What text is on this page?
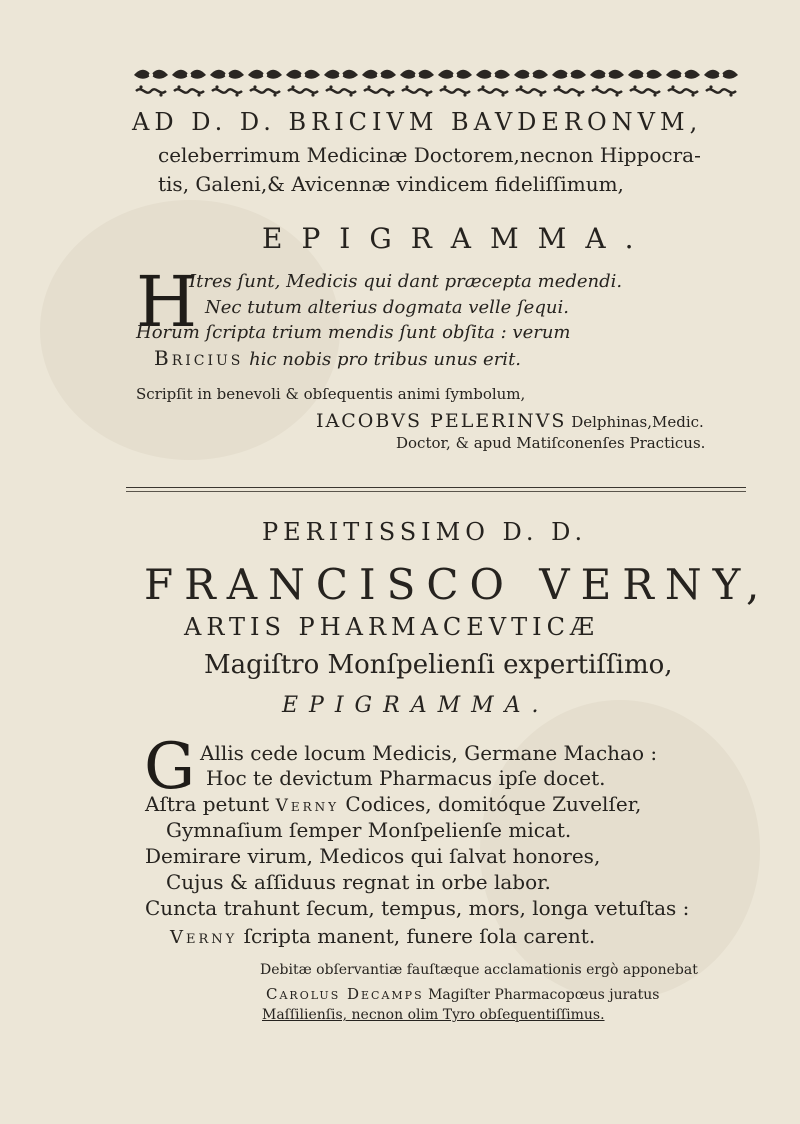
AD D. D. BRICIVM BAVDERONVM,
celeberrimum Medicinæ Doctorem,necnon Hippocra-
tis, Galeni,& Avicennæ vindicem fideliſſimum,
EPIGRAMMA.
H
Itres ſunt, Medicis qui dant præcepta medendi.
Nec tutum alterius dogmata velle ſequi.
Horum ſcripta trium mendis ſunt obſita : verum
Bricius hic nobis pro tribus unus erit.
Scripſit in benevoli & obſequentis animi ſymbolum,
IACOBVS PELERINVS Delphinas,Medic.
Doctor, & apud Matiſconenſes Practicus.
PERITISSIMO D. D.
FRANCISCO VERNY,
ARTIS PHARMACEVTICÆ
Magiſtro Monſpelienſi expertiſſimo,
EPIGRAMMA.
G Allis cede locum Medicis, Germane Machao :
Hoc te devictum Pharmacus ipſe docet.
Aſtra petunt Verny Codices, domitóque Zuvelſer,
Gymnaſium ſemper Monſpelienſe micat.
Demirare virum, Medicos qui ſalvat honores,
Cujus & aſſiduus regnat in orbe labor.
Cuncta trahunt ſecum, tempus, mors, longa vetuſtas :
Verny ſcripta manent, funere ſola carent.
Debitæ obſervantiæ fauſtæque acclamationis ergò apponebat
Carolus Decamps Magiſter Pharmacopœus juratus
Maſſilienſis, necnon olim Tyro obſequentiſſimus.
